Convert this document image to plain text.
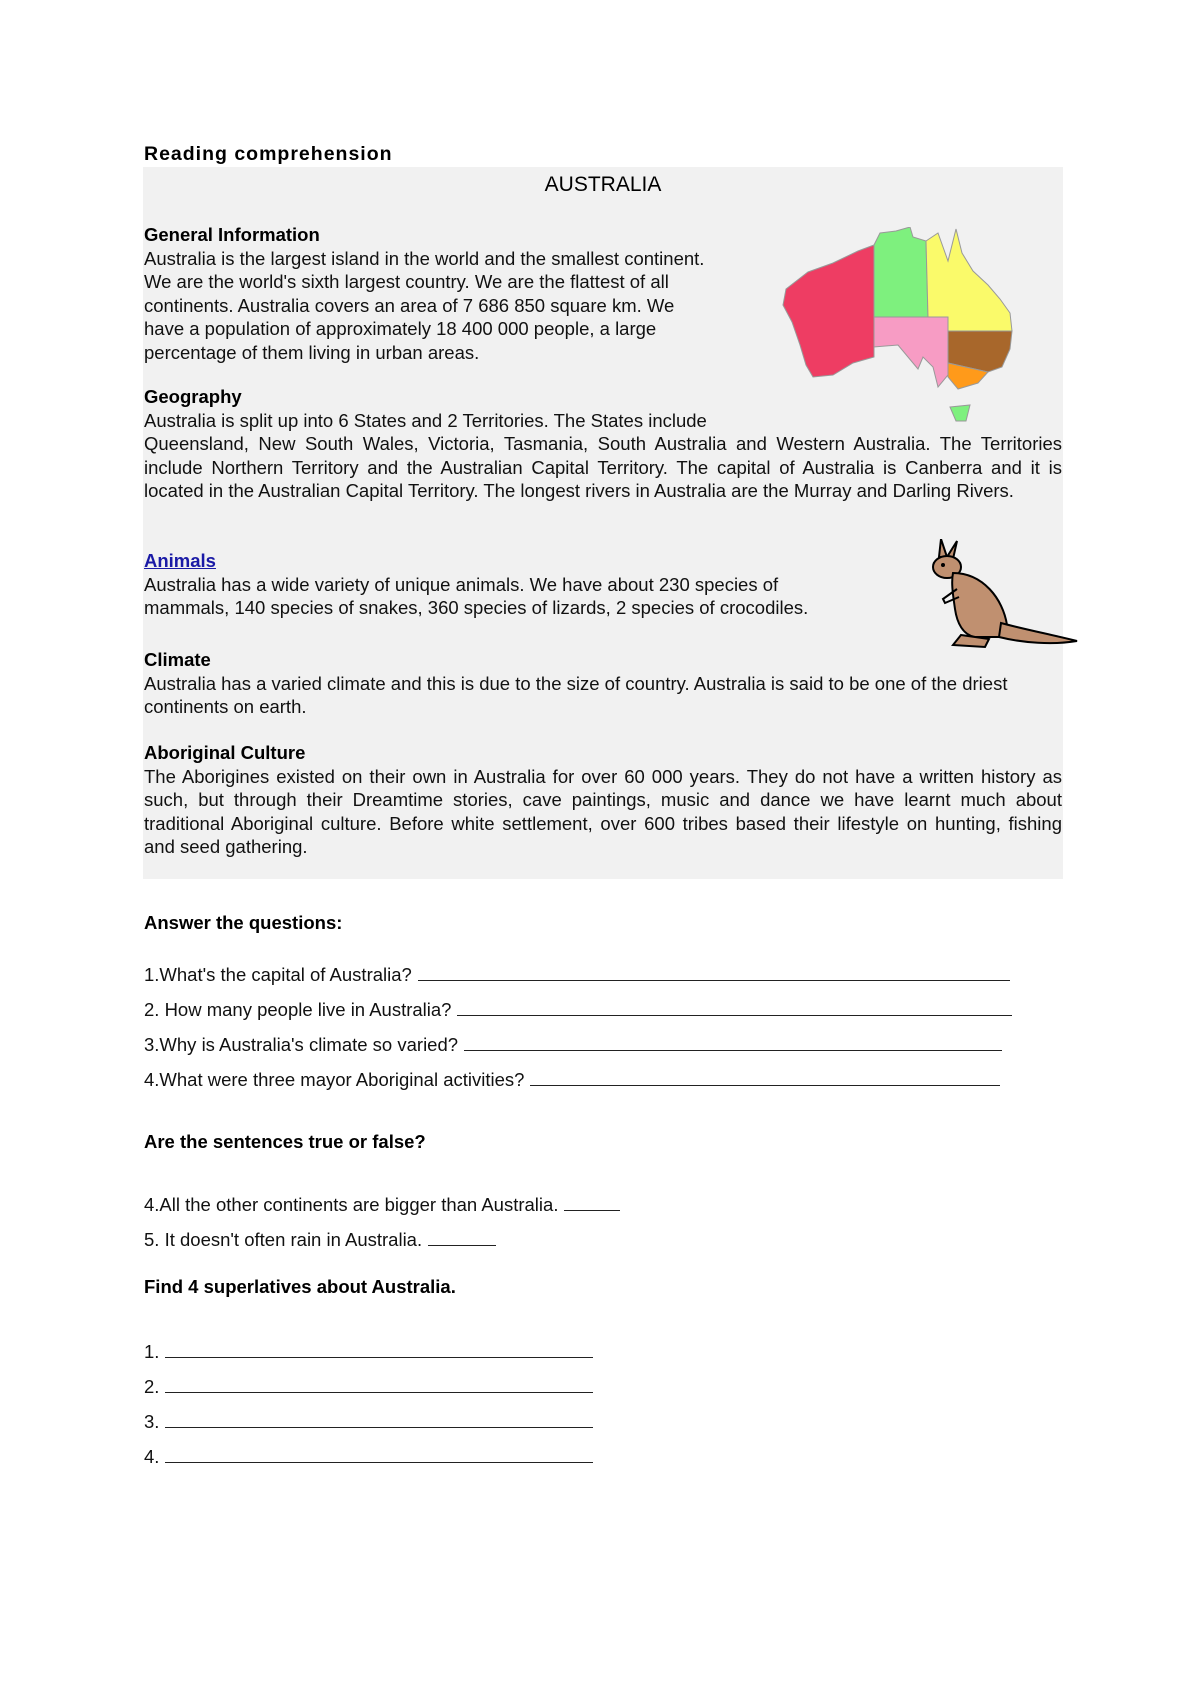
Reading comprehension
AUSTRALIA
General Information
Australia is the largest island in the world and the smallest continent.
We are the world's sixth largest country. We are the flattest of all
continents. Australia covers an area of 7 686 850 square km. We
have a population of approximately 18 400 000 people, a large
percentage of them living in urban areas.
Geography
Australia is split up into 6 States and 2 Territories. The States include
Queensland, New South Wales, Victoria, Tasmania, South Australia and Western Australia. The Territories include Northern Territory and the Australian Capital Territory. The capital of Australia is Canberra and it is located in the Australian Capital Territory. The longest rivers in Australia are the Murray and Darling Rivers.
Animals
Australia has a wide variety of unique animals. We have about 230 species of
mammals, 140 species of snakes, 360 species of lizards, 2 species of crocodiles.
Climate
Australia has a varied climate and this is due to the size of country. Australia is said to be one of the driest continents on earth.
Aboriginal Culture
The Aborigines existed on their own in Australia for over 60 000 years. They do not have a written history as such, but through their Dreamtime stories, cave paintings, music and dance we have learnt much about traditional Aboriginal culture. Before white settlement, over 600 tribes based their lifestyle on hunting, fishing and seed gathering.
Answer the questions:
1.What's the capital of Australia?
2. How many people live in Australia?
3.Why is Australia's climate so varied?
4.What were three mayor Aboriginal activities?
Are the sentences true or false?
4.All the other continents are bigger than Australia.
5. It doesn't often rain in Australia.
Find 4 superlatives about Australia.
1.
2.
3.
4.
